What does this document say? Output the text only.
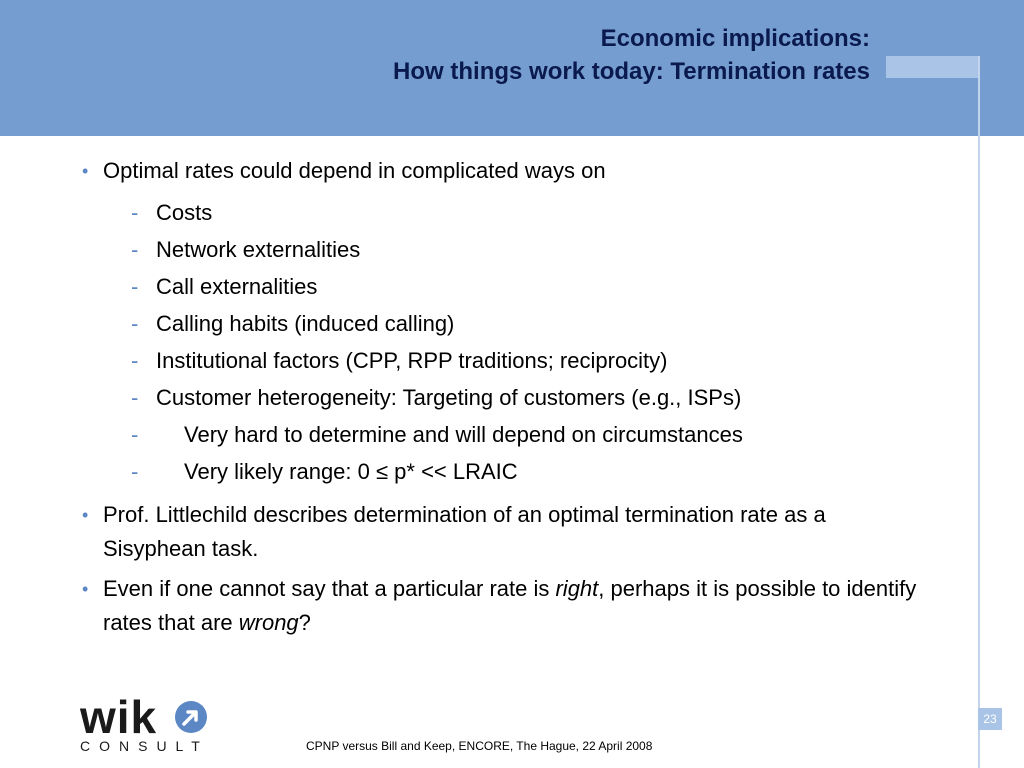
Economic implications:
How things work today: Termination rates
• Optimal rates could depend in complicated ways on
- Costs
- Network externalities
- Call externalities
- Calling habits (induced calling)
- Institutional factors (CPP, RPP traditions; reciprocity)
- Customer heterogeneity: Targeting of customers (e.g., ISPs)
- Very hard to determine and will depend on circumstances
- Very likely range: 0 ≤ p* << LRAIC
• Prof. Littlechild describes determination of an optimal termination rate as a Sisyphean task.
• Even if one cannot say that a particular rate is right, perhaps it is possible to identify rates that are wrong?
wik
CONSULT	CPNP versus Bill and Keep, ENCORE, The Hague, 22 April 2008
23
